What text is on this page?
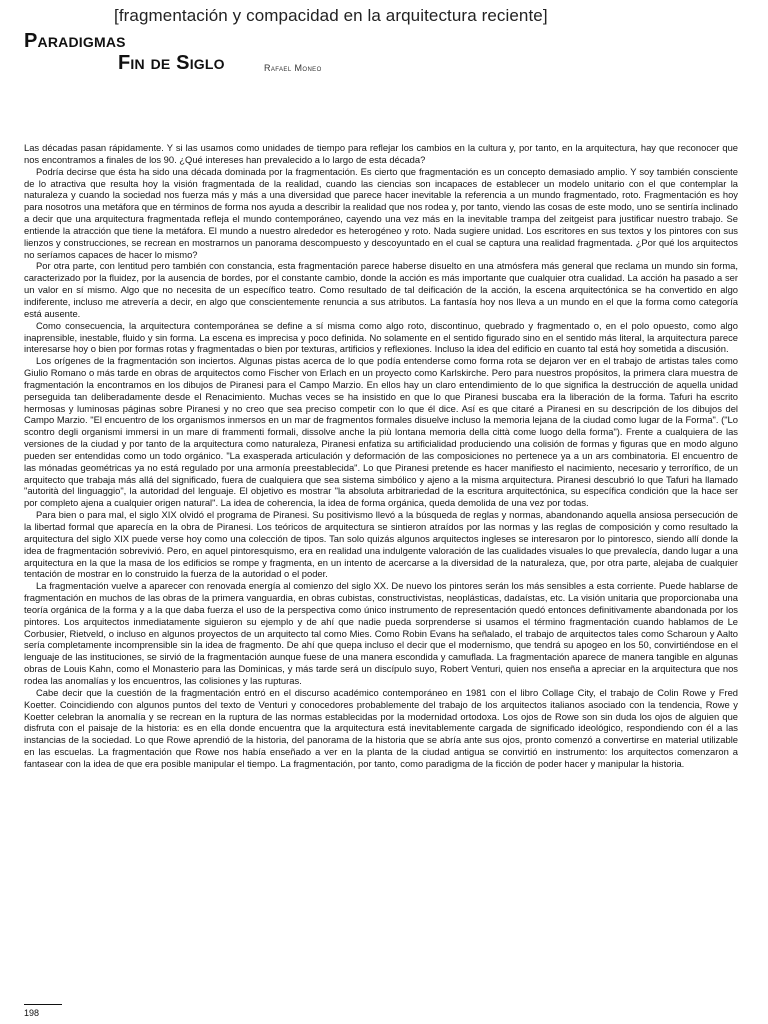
[fragmentación y compacidad en la arquitectura reciente]
Paradigmas
Fin de Siglo	Rafael Moneo

Las décadas pasan rápidamente. Y si las usamos como unidades de tiempo para reflejar los cambios en la cultura y, por tanto, en la arquitectura, hay que reconocer que nos encontramos a finales de los 90. ¿Qué intereses han prevalecido a lo largo de esta década?

Podría decirse que ésta ha sido una década dominada por la fragmentación. Es cierto que fragmentación es un concepto demasiado amplio. Y soy también consciente de lo atractiva que resulta hoy la visión fragmentada de la realidad, cuando las ciencias son incapaces de establecer un modelo unitario con el que contemplar la naturaleza y cuando la sociedad nos fuerza más y más a una diversidad que parece hacer inevitable la referencia a un mundo fragmentado, roto. Fragmentación es hoy para nosotros una metáfora que en términos de forma nos ayuda a describir la realidad que nos rodea y, por tanto, viendo las cosas de este modo, uno se sentiría inclinado a decir que una arquitectura fragmentada refleja el mundo contemporáneo, cayendo una vez más en la inevitable trampa del zeitgeist para justificar nuestro trabajo. Se entiende la atracción que tiene la metáfora. El mundo a nuestro alrededor es heterogéneo y roto. Nada sugiere unidad. Los escritores en sus textos y los pintores con sus lienzos y construcciones, se recrean en mostrarnos un panorama descompuesto y descoyuntado en el cual se captura una realidad fragmentada. ¿Por qué los arquitectos no seríamos capaces de hacer lo mismo?

Por otra parte, con lentitud pero también con constancia, esta fragmentación parece haberse disuelto en una atmósfera más general que reclama un mundo sin forma, caracterizado por la fluidez, por la ausencia de bordes, por el constante cambio, donde la acción es más importante que cualquier otra cualidad. La acción ha pasado a ser un valor en sí mismo. Algo que no necesita de un específico teatro. Como resultado de tal deificación de la acción, la escena arquitectónica se ha convertido en algo indiferente, incluso me atrevería a decir, en algo que conscientemente renuncia a sus atributos. La fantasía hoy nos lleva a un mundo en el que la forma como categoría está ausente.

Como consecuencia, la arquitectura contemporánea se define a sí misma como algo roto, discontinuo, quebrado y fragmentado o, en el polo opuesto, como algo inaprensible, inestable, fluido y sin forma. La escena es imprecisa y poco definida. No solamente en el sentido figurado sino en el sentido más literal, la arquitectura parece interesarse hoy o bien por formas rotas y fragmentadas o bien por texturas, artificios y reflexiones. Incluso la idea del edificio en cuanto tal está hoy sometida a discusión.

Los orígenes de la fragmentación son inciertos. Algunas pistas acerca de lo que podía entenderse como forma rota se dejaron ver en el trabajo de artistas tales como Giulio Romano o más tarde en obras de arquitectos como Fischer von Erlach en un proyecto como Karlskirche. Pero para nuestros propósitos, la primera clara muestra de fragmentación la encontramos en los dibujos de Piranesi para el Campo Marzio. En ellos hay un claro entendimiento de lo que significa la destrucción de aquella unidad perseguida tan deliberadamente desde el Renacimiento. Muchas veces se ha insistido en que lo que Piranesi buscaba era la liberación de la forma. Tafuri ha escrito hermosas y luminosas páginas sobre Piranesi y no creo que sea preciso competir con lo que él dice. Así es que citaré a Piranesi en su descripción de los dibujos del Campo Marzio. "El encuentro de los organismos inmersos en un mar de fragmentos formales disuelve incluso la memoria lejana de la ciudad como lugar de la Forma". ("Lo scontro degli organismi immersi in un mare di frammenti formali, dissolve anche la più lontana memoria della città come luogo della forma"). Frente a cualquiera de las versiones de la ciudad y por tanto de la arquitectura como naturaleza, Piranesi enfatiza su artificialidad produciendo una colisión de formas y figuras que en modo alguno pueden ser entendidas como un todo orgánico. "La exasperada articulación y deformación de las composiciones no pertenece ya a un ars combinatoria. El encuentro de las mónadas geométricas ya no está regulado por una armonía preestablecida". Lo que Piranesi pretende es hacer manifiesto el nacimiento, necesario y terrorífico, de un arquitecto que trabaja más allá del significado, fuera de cualquiera que sea sistema simbólico y ajeno a la misma arquitectura. Piranesi descubrió lo que Tafuri ha llamado "autorità del linguaggio", la autoridad del lenguaje. El objetivo es mostrar "la absoluta arbitrariedad de la escritura arquitectónica, su específica condición que la hace ser por completo ajena a cualquier origen natural". La idea de coherencia, la idea de forma orgánica, queda demolida de una vez por todas.

Para bien o para mal, el siglo XIX olvidó el programa de Piranesi. Su positivismo llevó a la búsqueda de reglas y normas, abandonando aquella ansiosa persecución de la libertad formal que aparecía en la obra de Piranesi. Los teóricos de arquitectura se sintieron atraídos por las normas y las reglas de composición y como resultado la arquitectura del siglo XIX puede verse hoy como una colección de tipos. Tan solo quizás algunos arquitectos ingleses se interesaron por lo pintoresco, siendo allí donde la idea de fragmentación sobrevivió. Pero, en aquel pintoresquismo, era en realidad una indulgente valoración de las cualidades visuales lo que prevalecía, dando lugar a una arquitectura en la que la masa de los edificios se rompe y fragmenta, en un intento de acercarse a la diversidad de la naturaleza, que, por otra parte, alejaba de cualquier tentación de mostrar en lo construido la fuerza de la autoridad o el poder.

La fragmentación vuelve a aparecer con renovada energía al comienzo del siglo XX. De nuevo los pintores serán los más sensibles a esta corriente. Puede hablarse de fragmentación en muchos de las obras de la primera vanguardia, en obras cubistas, constructivistas, neoplásticas, dadaístas, etc. La visión unitaria que proporcionaba una teoría orgánica de la forma y a la que daba fuerza el uso de la perspectiva como único instrumento de representación quedó entonces definitivamente abandonada por los pintores. Los arquitectos inmediatamente siguieron su ejemplo y de ahí que nadie pueda sorprenderse si usamos el término fragmentación cuando hablamos de Le Corbusier, Rietveld, o incluso en algunos proyectos de un arquitecto tal como Mies. Como Robin Evans ha señalado, el trabajo de arquitectos tales como Scharoun y Aalto sería completamente incomprensible sin la idea de fragmento. De ahí que quepa incluso el decir que el modernismo, que tendrá su apogeo en los 50, convirtiéndose en el lenguaje de las instituciones, se sirvió de la fragmentación aunque fuese de una manera escondida y camuflada. La fragmentación aparece de manera tangible en algunas obras de Louis Kahn, como el Monasterio para las Dominicas, y más tarde será un discípulo suyo, Robert Venturi, quien nos enseña a apreciar en la arquitectura que nos rodea las anomalías y los encuentros, las colisiones y las rupturas.

Cabe decir que la cuestión de la fragmentación entró en el discurso académico contemporáneo en 1981 con el libro Collage City, el trabajo de Colin Rowe y Fred Koetter. Coincidiendo con algunos puntos del texto de Venturi y conocedores probablemente del trabajo de los arquitectos italianos asociado con la tendencia, Rowe y Koetter celebran la anomalía y se recrean en la ruptura de las normas establecidas por la modernidad ortodoxa. Los ojos de Rowe son sin duda los ojos de alguien que disfruta con el paisaje de la historia: es en ella donde encuentra que la arquitectura está inevitablemente cargada de significado ideológico, respondiendo con él a las instancias de la sociedad. Lo que Rowe aprendió de la historia, del panorama de la historia que se abría ante sus ojos, pronto comenzó a convertirse en material utilizable en las escuelas. La fragmentación que Rowe nos había enseñado a ver en la planta de la ciudad antigua se convirtió en instrumento: los arquitectos comenzaron a fantasear con la idea de que era posible manipular el tiempo. La fragmentación, por tanto, como paradigma de la ficción de poder hacer y manipular la historia.

198
